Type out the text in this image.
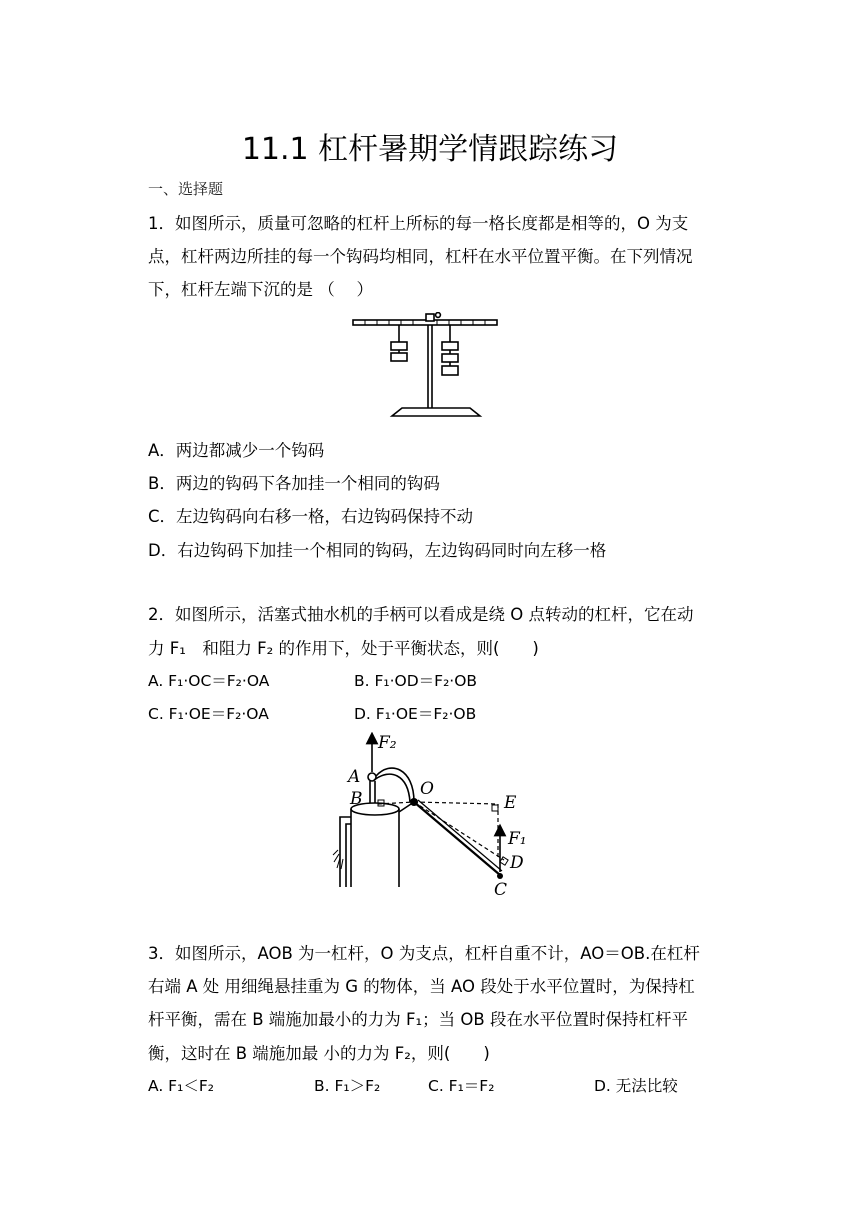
11.1 杠杆暑期学情跟踪练习
一、选择题
1．如图所示，质量可忽略的杠杆上所标的每一格长度都是相等的，O 为支
点，杠杆两边所挂的每一个钩码均相同，杠杆在水平位置平衡。在下列情况
下，杠杆左端下沉的是 （　 ）
A．两边都减少一个钩码
B．两边的钩码下各加挂一个相同的钩码
C．左边钩码向右移一格，右边钩码保持不动
D．右边钩码下加挂一个相同的钩码，左边钩码同时向左移一格
2．如图所示，活塞式抽水机的手柄可以看成是绕 O 点转动的杠杆，它在动
力 F₁　和阻力 F₂ 的作用下，处于平衡状态，则(　　)
A. F₁·OC＝F₂·OA	B. F₁·OD＝F₂·OB
C. F₁·OE＝F₂·OA	D. F₁·OE＝F₂·OB
F₂
A
B	O
E
F₁
D
C
3．如图所示，AOB 为一杠杆，O 为支点，杠杆自重不计，AO＝OB.在杠杆
右端 A 处 用细绳悬挂重为 G 的物体，当 AO 段处于水平位置时，为保持杠
杆平衡，需在 B 端施加最小的力为 F₁；当 OB 段在水平位置时保持杠杆平
衡，这时在 B 端施加最 小的力为 F₂，则(　　)
A. F₁＜F₂	B. F₁＞F₂	C. F₁＝F₂	D. 无法比较
